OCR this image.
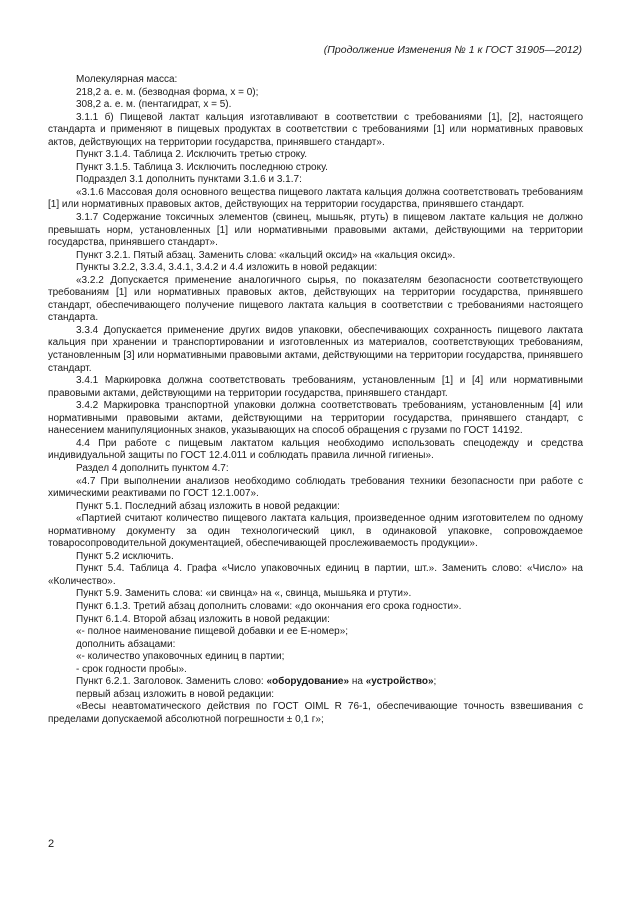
(Продолжение Изменения № 1 к ГОСТ 31905—2012)

Молекулярная масса:

218,2 а. е. м. (безводная форма, x = 0);

308,2 а. е. м. (пентагидрат, x = 5).

3.1.1 б) Пищевой лактат кальция изготавливают в соответствии с требованиями [1], [2], настоящего стандарта и применяют в пищевых продуктах в соответствии с требованиями [1] или нормативных правовых актов, действующих на территории государства, принявшего стандарт».

Пункт 3.1.4. Таблица 2. Исключить третью строку.

Пункт 3.1.5. Таблица 3. Исключить последнюю строку.

Подраздел 3.1 дополнить пунктами 3.1.6 и 3.1.7:

«3.1.6 Массовая доля основного вещества пищевого лактата кальция должна соответствовать требованиям [1] или нормативных правовых актов, действующих на территории государства, принявшего стандарт.

3.1.7 Содержание токсичных элементов (свинец, мышьяк, ртуть) в пищевом лактате кальция не должно превышать норм, установленных [1] или нормативными правовыми актами, действующими на территории государства, принявшего стандарт».

Пункт 3.2.1. Пятый абзац. Заменить слова: «кальций оксид» на «кальция оксид».

Пункты 3.2.2, 3.3.4, 3.4.1, 3.4.2 и 4.4 изложить в новой редакции:

«3.2.2 Допускается применение аналогичного сырья, по показателям безопасности соответствующего требованиям [1] или нормативных правовых актов, действующих на территории государства, принявшего стандарт, обеспечивающего получение пищевого лактата кальция в соответствии с требованиями настоящего стандарта.

3.3.4 Допускается применение других видов упаковки, обеспечивающих сохранность пищевого лактата кальция при хранении и транспортировании и изготовленных из материалов, соответствующих требованиям, установленным [3] или нормативными правовыми актами, действующими на территории государства, принявшего стандарт.

3.4.1 Маркировка должна соответствовать требованиям, установленным [1] и [4] или нормативными правовыми актами, действующими на территории государства, принявшего стандарт.

3.4.2 Маркировка транспортной упаковки должна соответствовать требованиям, установленным [4] или нормативными правовыми актами, действующими на территории государства, принявшего стандарт, с нанесением манипуляционных знаков, указывающих на способ обращения с грузами по ГОСТ 14192.

4.4 При работе с пищевым лактатом кальция необходимо использовать спецодежду и средства индивидуальной защиты по ГОСТ 12.4.011 и соблюдать правила личной гигиены».

Раздел 4 дополнить пунктом 4.7:

«4.7 При выполнении анализов необходимо соблюдать требования техники безопасности при работе с химическими реактивами по ГОСТ 12.1.007».

Пункт 5.1. Последний абзац изложить в новой редакции:

«Партией считают количество пищевого лактата кальция, произведенное одним изготовителем по одному нормативному документу за один технологический цикл, в одинаковой упаковке, сопровождаемое товаросопроводительной документацией, обеспечивающей прослеживаемость продукции».

Пункт 5.2 исключить.

Пункт 5.4. Таблица 4. Графа «Число упаковочных единиц в партии, шт.». Заменить слово: «Число» на «Количество».

Пункт 5.9. Заменить слова: «и свинца» на «, свинца, мышьяка и ртути».

Пункт 6.1.3. Третий абзац дополнить словами: «до окончания его срока годности».

Пункт 6.1.4. Второй абзац изложить в новой редакции:

«- полное наименование пищевой добавки и ее Е-номер»;

дополнить абзацами:

«- количество упаковочных единиц в партии;

- срок годности пробы».

Пункт 6.2.1. Заголовок. Заменить слово: «оборудование» на «устройство»;

первый абзац изложить в новой редакции:

«Весы неавтоматического действия по ГОСТ OIML R 76-1, обеспечивающие точность взвешивания с пределами допускаемой абсолютной погрешности ± 0,1 г»;

2
